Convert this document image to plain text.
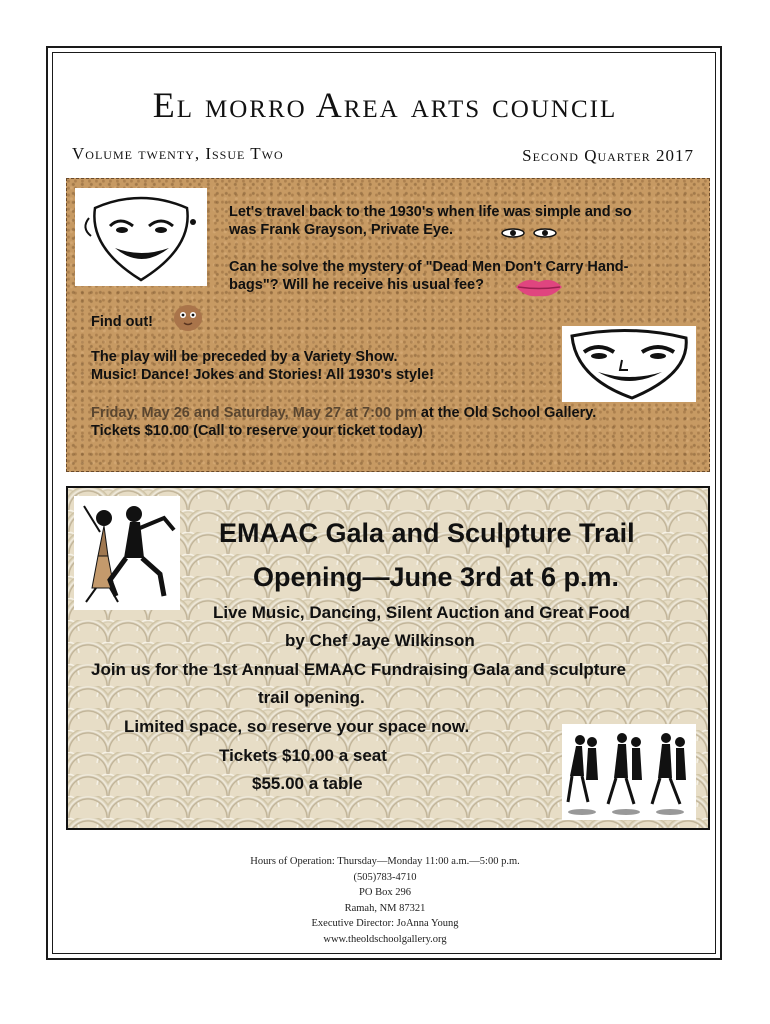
El morro Area arts council
Volume twenty, Issue Two	Second Quarter 2017
Let's travel back to the 1930's when life was simple and so
was Frank Grayson, Private Eye.
Can he solve the mystery of "Dead Men Don't Carry Hand-
bags"? Will he receive his usual fee?
Find out!
The play will be preceded by a Variety Show.
Music! Dance! Jokes and Stories! All 1930's style!
Friday, May 26 and Saturday, May 27 at 7:00 pm at the Old School Gallery.
Tickets $10.00 (Call to reserve your ticket today)
EMAAC Gala and Sculpture Trail
Opening—June 3rd at 6 p.m.
Live Music, Dancing, Silent Auction and Great Food
by Chef Jaye Wilkinson
Join us for the 1st Annual EMAAC Fundraising Gala and sculpture
trail opening.
Limited space, so reserve your space now.
Tickets $10.00 a seat
$55.00 a table
Hours of Operation: Thursday—Monday 11:00 a.m.—5:00 p.m.
(505)783-4710
PO Box 296
Ramah, NM 87321
Executive Director: JoAnna Young
www.theoldschoolgallery.org
